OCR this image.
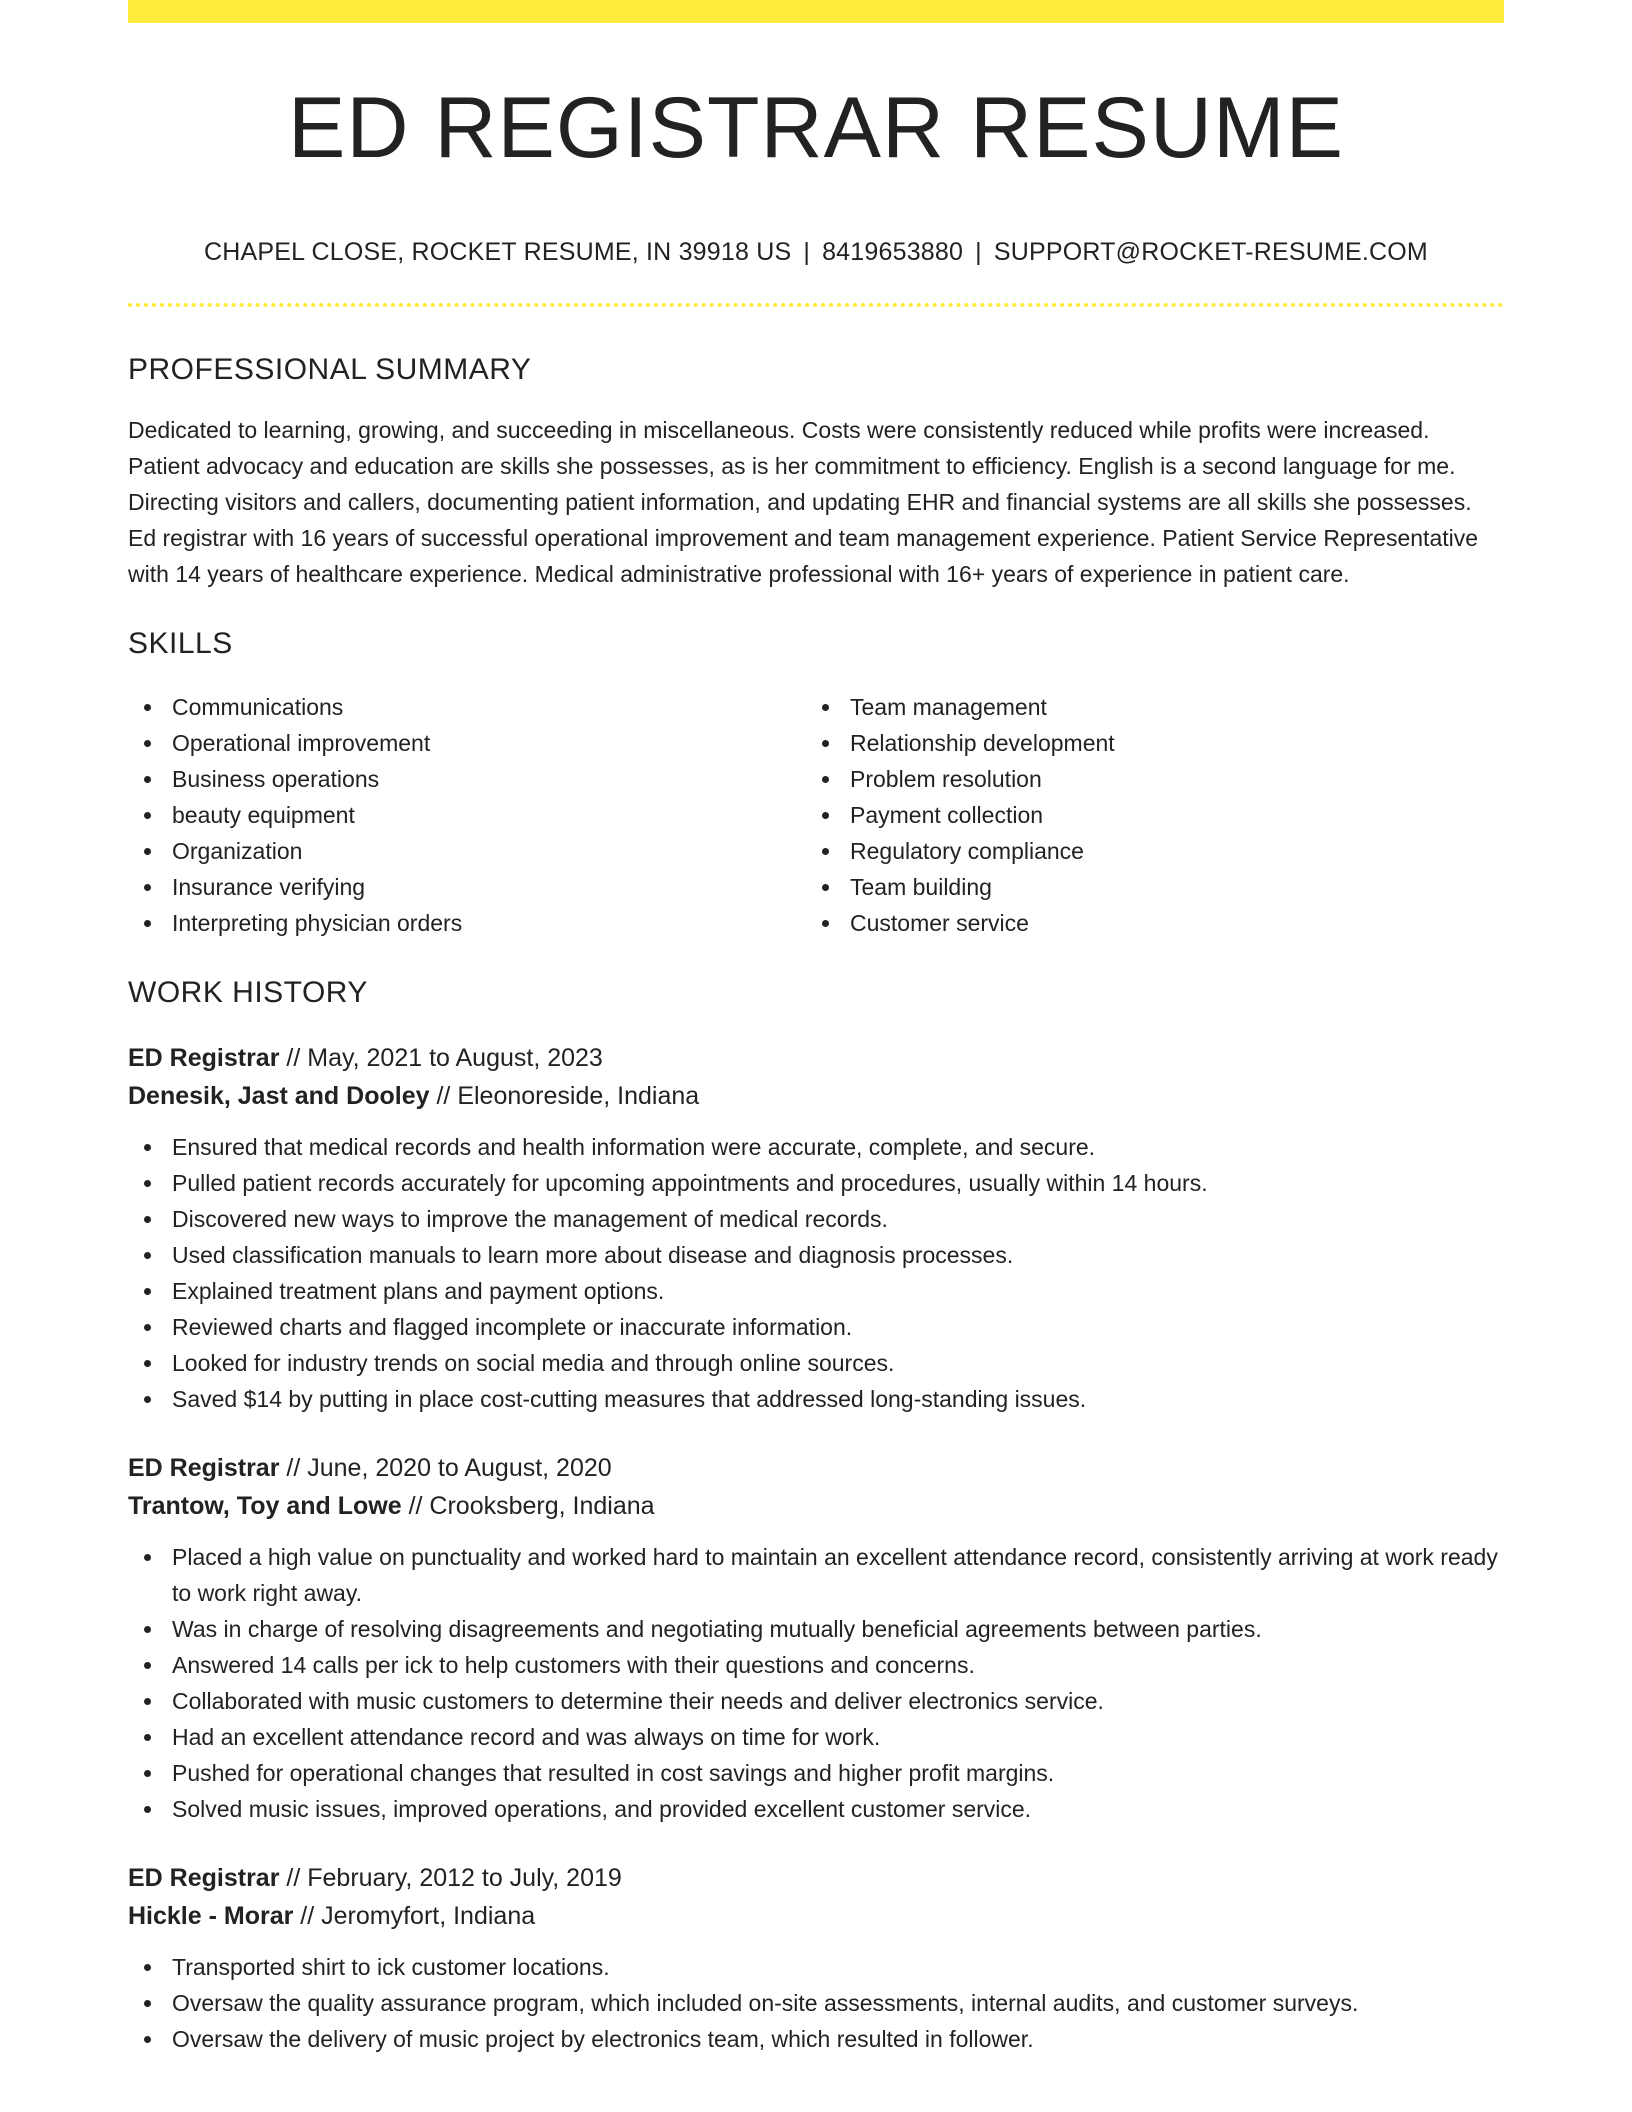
ED REGISTRAR RESUME
CHAPEL CLOSE, ROCKET RESUME, IN 39918 US | 8419653880 | SUPPORT@ROCKET-RESUME.COM
PROFESSIONAL SUMMARY

Dedicated to learning, growing, and succeeding in miscellaneous. Costs were consistently reduced while profits were increased. Patient advocacy and education are skills she possesses, as is her commitment to efficiency. English is a second language for me. Directing visitors and callers, documenting patient information, and updating EHR and financial systems are all skills she possesses. Ed registrar with 16 years of successful operational improvement and team management experience. Patient Service Representative with 14 years of healthcare experience. Medical administrative professional with 16+ years of experience in patient care.

SKILLS
Communications
Operational improvement
Business operations
beauty equipment
Organization
Insurance verifying
Interpreting physician orders
Team management
Relationship development
Problem resolution
Payment collection
Regulatory compliance
Team building
Customer service
WORK HISTORY
ED Registrar // May, 2021 to August, 2023
Denesik, Jast and Dooley // Eleonoreside, Indiana
Ensured that medical records and health information were accurate, complete, and secure.
Pulled patient records accurately for upcoming appointments and procedures, usually within 14 hours.
Discovered new ways to improve the management of medical records.
Used classification manuals to learn more about disease and diagnosis processes.
Explained treatment plans and payment options.
Reviewed charts and flagged incomplete or inaccurate information.
Looked for industry trends on social media and through online sources.
Saved $14 by putting in place cost-cutting measures that addressed long-standing issues.
ED Registrar // June, 2020 to August, 2020
Trantow, Toy and Lowe // Crooksberg, Indiana
Placed a high value on punctuality and worked hard to maintain an excellent attendance record, consistently arriving at work ready to work right away.
Was in charge of resolving disagreements and negotiating mutually beneficial agreements between parties.
Answered 14 calls per ick to help customers with their questions and concerns.
Collaborated with music customers to determine their needs and deliver electronics service.
Had an excellent attendance record and was always on time for work.
Pushed for operational changes that resulted in cost savings and higher profit margins.
Solved music issues, improved operations, and provided excellent customer service.
ED Registrar // February, 2012 to July, 2019
Hickle - Morar // Jeromyfort, Indiana
Transported shirt to ick customer locations.
Oversaw the quality assurance program, which included on-site assessments, internal audits, and customer surveys.
Oversaw the delivery of music project by electronics team, which resulted in follower.
